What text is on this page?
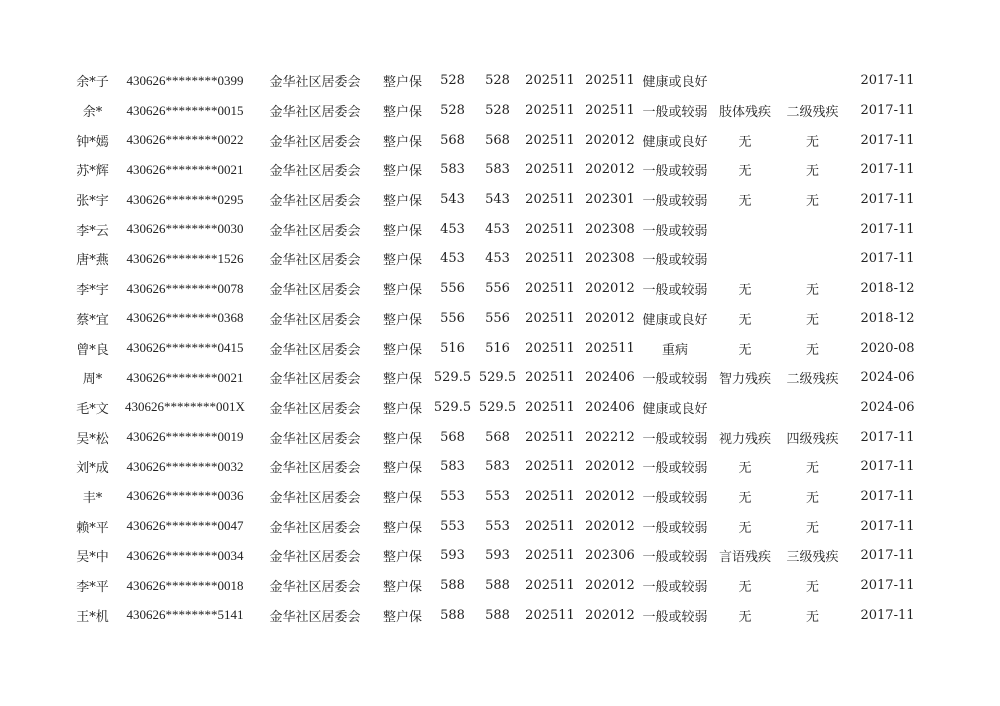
余*子	430626********0399	金华社区居委会	整户保	528	528	202511	202511	健康或良好			2017-11
余*	430626********0015	金华社区居委会	整户保	528	528	202511	202511	一般或较弱	肢体残疾	二级残疾	2017-11
钟*嫣	430626********0022	金华社区居委会	整户保	568	568	202511	202012	健康或良好	无	无	2017-11
苏*辉	430626********0021	金华社区居委会	整户保	583	583	202511	202012	一般或较弱	无	无	2017-11
张*宇	430626********0295	金华社区居委会	整户保	543	543	202511	202301	一般或较弱	无	无	2017-11
李*云	430626********0030	金华社区居委会	整户保	453	453	202511	202308	一般或较弱			2017-11
唐*燕	430626********1526	金华社区居委会	整户保	453	453	202511	202308	一般或较弱			2017-11
李*宇	430626********0078	金华社区居委会	整户保	556	556	202511	202012	一般或较弱	无	无	2018-12
蔡*宜	430626********0368	金华社区居委会	整户保	556	556	202511	202012	健康或良好	无	无	2018-12
曾*良	430626********0415	金华社区居委会	整户保	516	516	202511	202511	重病	无	无	2020-08
周*	430626********0021	金华社区居委会	整户保	529.5	529.5	202511	202406	一般或较弱	智力残疾	二级残疾	2024-06
毛*文	430626********001X	金华社区居委会	整户保	529.5	529.5	202511	202406	健康或良好			2024-06
吴*松	430626********0019	金华社区居委会	整户保	568	568	202511	202212	一般或较弱	视力残疾	四级残疾	2017-11
刘*成	430626********0032	金华社区居委会	整户保	583	583	202511	202012	一般或较弱	无	无	2017-11
丰*	430626********0036	金华社区居委会	整户保	553	553	202511	202012	一般或较弱	无	无	2017-11
赖*平	430626********0047	金华社区居委会	整户保	553	553	202511	202012	一般或较弱	无	无	2017-11
吴*中	430626********0034	金华社区居委会	整户保	593	593	202511	202306	一般或较弱	言语残疾	三级残疾	2017-11
李*平	430626********0018	金华社区居委会	整户保	588	588	202511	202012	一般或较弱	无	无	2017-11
王*机	430626********5141	金华社区居委会	整户保	588	588	202511	202012	一般或较弱	无	无	2017-11
